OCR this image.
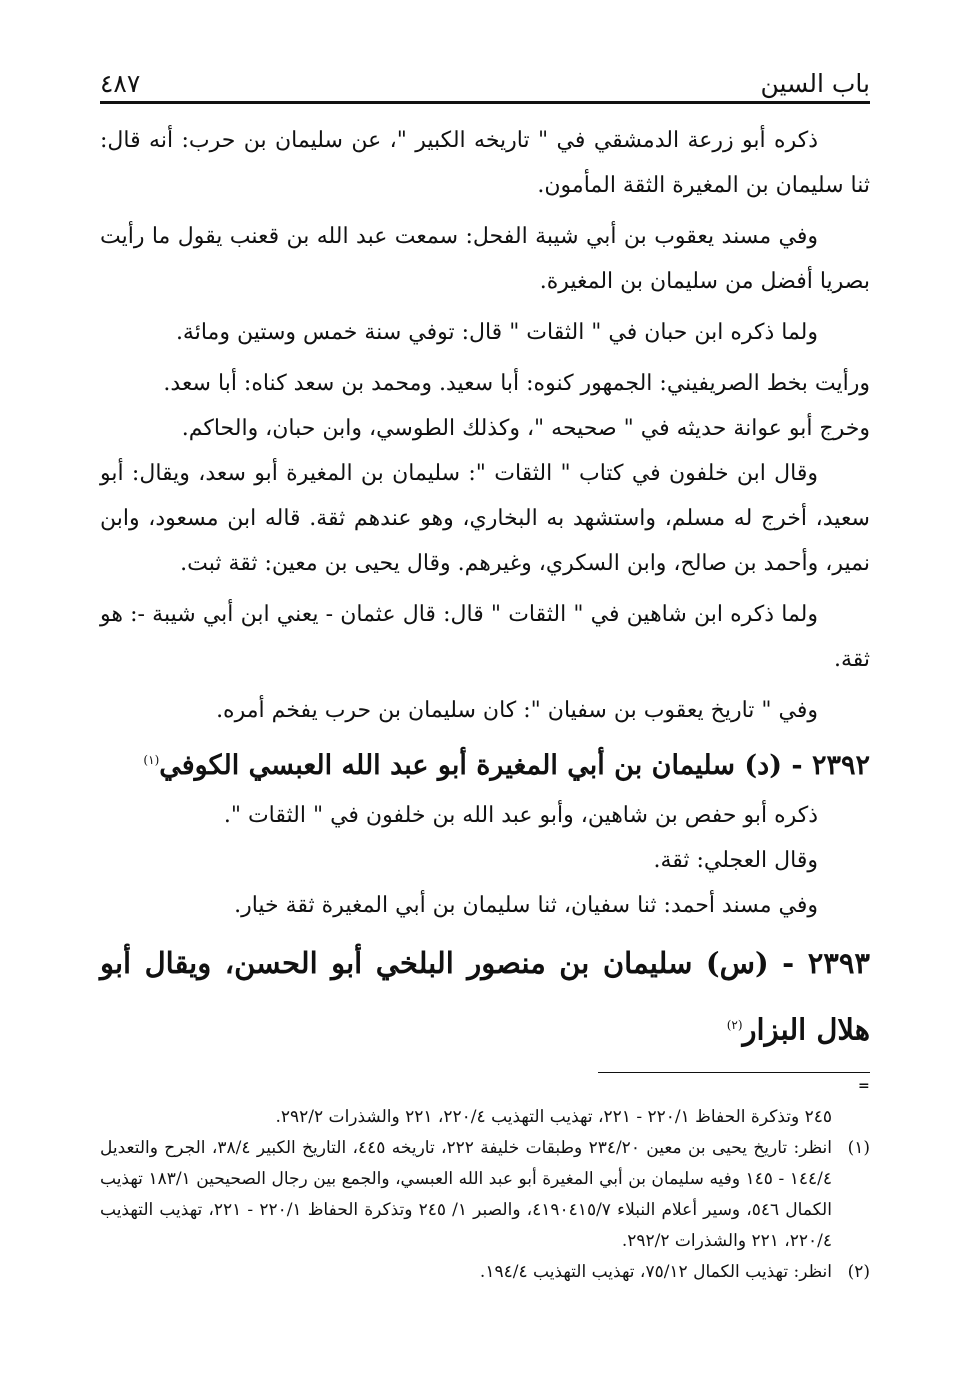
باب السين
٤٨٧

ذكره أبو زرعة الدمشقي في " تاريخه الكبير "، عن سليمان بن حرب: أنه قال: ثنا سليمان بن المغيرة الثقة المأمون.

وفي مسند يعقوب بن أبي شيبة الفحل: سمعت عبد الله بن قعنب يقول ما رأيت بصريا أفضل من سليمان بن المغيرة.

ولما ذكره ابن حبان في " الثقات " قال: توفي سنة خمس وستين ومائة.

ورأيت بخط الصريفيني: الجمهور كنوه: أبا سعيد. ومحمد بن سعد كناه: أبا سعد.

وخرج أبو عوانة حديثه في " صحيحه "، وكذلك الطوسي، وابن حبان، والحاكم.

وقال ابن خلفون في كتاب " الثقات ": سليمان بن المغيرة أبو سعد، ويقال: أبو سعيد، أخرج له مسلم، واستشهد به البخاري، وهو عندهم ثقة. قاله ابن مسعود، وابن نمير، وأحمد بن صالح، وابن السكري، وغيرهم. وقال يحيى بن معين: ثقة ثبت.

ولما ذكره ابن شاهين في " الثقات " قال: قال عثمان - يعني ابن أبي شيبة -: هو ثقة.

وفي " تاريخ يعقوب بن سفيان ": كان سليمان بن حرب يفخم أمره.

٢٣٩٢ - (د) سليمان بن أبي المغيرة أبو عبد الله العبسي الكوفي$^{(١)}$

ذكره أبو حفص بن شاهين، وأبو عبد الله بن خلفون في " الثقات ".

وقال العجلي: ثقة.

وفي مسند أحمد: ثنا سفيان، ثنا سليمان بن أبي المغيرة ثقة خيار.

٢٣٩٣ - (س) سليمان بن منصور البلخي أبو الحسن، ويقال أبو هلال البزار$^{(٢)}$

=

٢٤٥ وتذكرة الحفاظ ٢٢٠/١ - ٢٢١، تهذيب التهذيب ٢٢٠/٤، ٢٢١ والشذرات ٢٩٢/٢.

(١)انظر: تاريخ يحيى بن معين ٢٣٤/٢٠ وطبقات خليفة ٢٢٢، تاريخه ٤٤٥، التاريخ الكبير ٣٨/٤، الجرح والتعديل ١٤٤/٤ - ١٤٥ وفيه سليمان بن أبي المغيرة أبو عبد الله العبسي، والجمع بين رجال الصحيحين ١٨٣/١ تهذيب الكمال ٥٤٦، وسير أعلام النبلاء ٤١٩٠٤١٥/٧، والصبر ١/ ٢٤٥ وتذكرة الحفاظ ٢٢٠/١ - ٢٢١، تهذيب التهذيب ٢٢٠/٤، ٢٢١ والشذرات ٢٩٢/٢.

(٢)انظر: تهذيب الكمال ٧٥/١٢، تهذيب التهذيب ١٩٤/٤.
